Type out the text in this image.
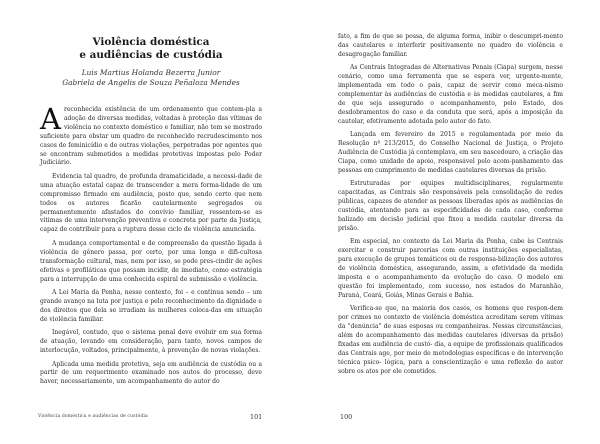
Violência doméstica
e audiências de custódia
Luis Martius Holanda Bezerra Junior
Gabriela de Angelis de Souza Peñaloza Mendes

Areconhecida existência de um ordenamento que contem-pla a adoção de diversas medidas, voltadas à proteção das vítimas de violência no contexto doméstico e familiar, não tem se mostrado suficiente para obstar um quadro de reconhecido recrudescimento nos casos de feminicídio e de outras violações, perpetradas por agentes que se encontram submetidos a medidas protetivas impostas pelo Poder Judiciário.

Evidencia tal quadro, de profunda dramaticidade, a necessi-dade de uma atuação estatal capaz de transcender a mera forma-lidade de um compromisso firmado em audiência, posto que, sendo certo que nem todos os autores ficarão cautelarmente segregados ou permanentemente afastados do convívio familiar, ressentem-se as vítimas de uma intervenção preventiva e concreta por parte da Justiça, capaz de contribuir para a ruptura desse ciclo de violência anunciada.

A mudança comportamental e de compreensão da questão ligada à violência de gênero passa, por certo, por uma longa e difi-cultosa transformação cultural, mas, nem por isso, se pode pres-cindir de ações efetivas e profiláticas que possam incidir, de imediato, como estratégia para a interrupção de uma conhecida espiral de submissão e violência.

A Lei Maria da Penha, nesse contexto, foi – e continua sendo – um grande avanço na luta por justiça e pelo reconhecimento da dignidade e dos direitos que dela se irradiam às mulheres coloca-das em situação de violência familiar.

Inegável, contudo, que o sistema penal deve evoluir em sua forma de atuação, levando em consideração, para tanto, novos campos de interlocução, voltados, principalmente, à prevenção de novas violações.

Aplicada uma medida protetiva, seja em audiência de custódia ou a partir de um requerimento examinado nos autos do processo, deve haver, necessariamente, um acompanhamento do autor do

Violência doméstica e audiências de custódia	101

fato, a fim de que se possa, de alguma forma, inibir o descumpri-mento das cautelares e interferir positivamente no quadro de violência e desagregação familiar.

As Centrais Integradas de Alternativas Penais (Ciapa) surgem, nesse cenário, como uma ferramenta que se espera ver, urgente-mente, implementada em todo o país, capaz de servir como meca-nismo complementar às audiências de custódia e às medidas cautelares, a fim de que seja assegurado o acompanhamento, pelo Estado, dos desdobramentos do caso e da conduta que será, após a imposição da cautelar, efetivamente adotada pelo autor do fato.

Lançada em fevereiro de 2015 e regulamentada por meio da Resolução nº 213/2015, do Conselho Nacional de Justiça, o Projeto Audiência de Custódia já contemplava, em seu nascedouro, a criação das Ciapa, como unidade de apoio, responsável pelo acom-panhamento das pessoas em cumprimento de medidas cautelares diversas da prisão.

Estruturadas por equipes multidisciplinares, regularmente capacitadas, as Centrais são responsáveis pela consolidação de redes públicas, capazes de atender as pessoas liberadas após as audiências de custódia, atentando para as especificidades de cada caso, conforme balizado em decisão judicial que fixou a medida cautelar diversa da prisão.

Em especial, no contexto da Lei Maria da Penha, cabe às Centrais exercitar e construir parcerias com outras instituições especialistas, para execução de grupos temáticos ou de responsa-bilização dos autores de violência doméstica, assegurando, assim, a efetividade da medida imposta e o acompanhamento da evolução do caso. O modelo em questão foi implementado, com sucesso, nos estados do Maranhão, Paraná, Ceará, Goiás, Minas Gerais e Bahia.

Verifica-se que, na maioria dos casos, os homens que respon-dem por crimes no contexto de violência doméstica acreditam serem vítimas da "denúncia" de suas esposas ou companheiras. Nessas circunstâncias, além do acompanhamento das medidas cautelares (diversas da prisão) fixadas em audiência de custó- dia, a equipe de profissionais qualificados das Centrais age, por meio de metodologias específicas e de intervenção técnica psico- lógica, para a conscientização e uma reflexão do autor sobre os atos por ele cometidos.

100
